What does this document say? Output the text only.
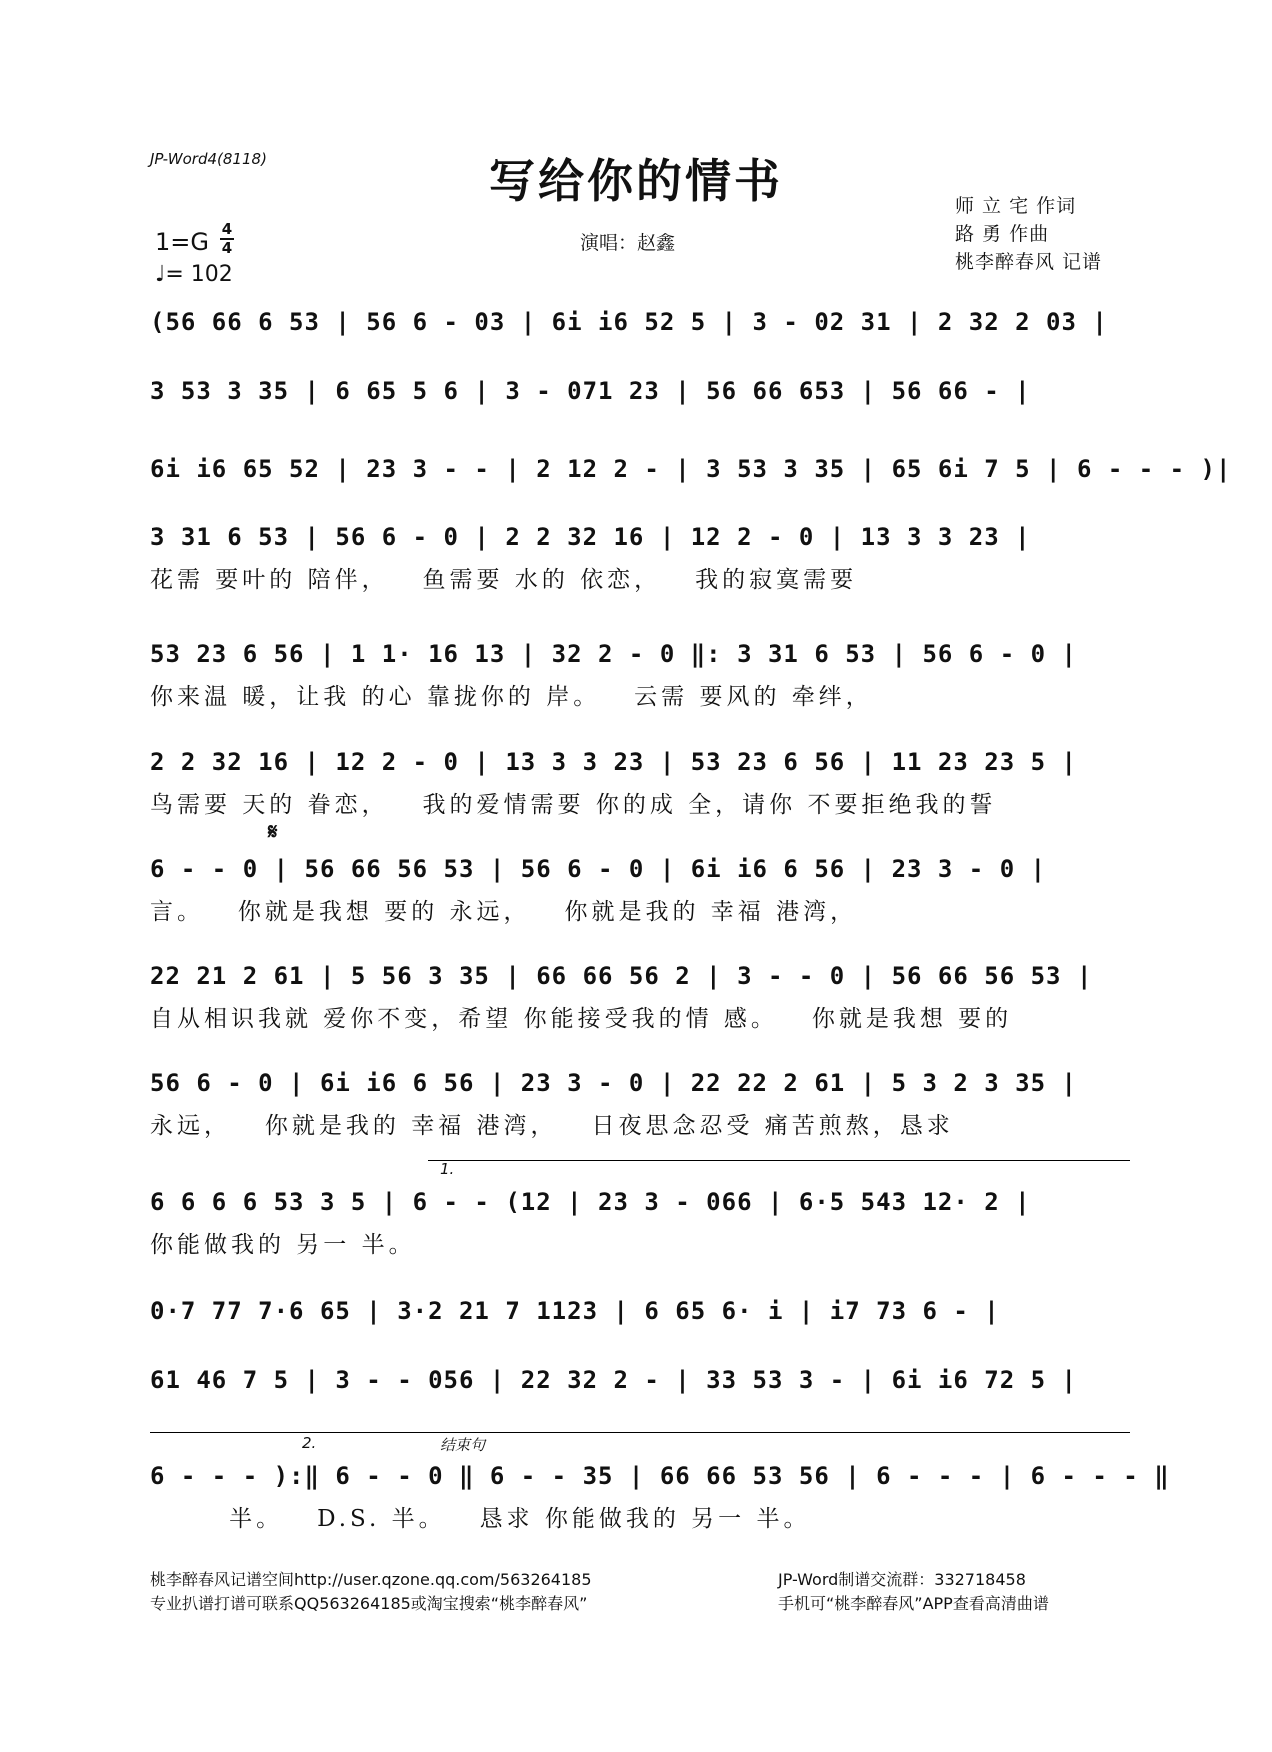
JP-Word4(8118)	写给你的情书
演唱：赵鑫
1=G 4
4
♩= 102
师 立 宅 作词
路 勇 作曲
桃李醉春风 记谱
(56 66 6 53 | 56 6 - 03 | 6i i6 52 5 | 3 - 02 31 | 2 32 2 03 |
3 53 3 35 | 6 65 5 6 | 3 - 071 23 | 56 66 653 | 56 66 - |
6i i6 65 52 | 23 3 - - | 2 12 2 - | 3 53 3 35 | 65 6i 7 5 | 6 - - - )|
3 31 6 53 | 56 6 - 0 | 2 2 32 16 | 12 2 - 0 | 13 3 3 23 |
花需 要叶的 陪伴，   鱼需要 水的 依恋，   我的寂寞需要
53 23 6 56 | 1 1· 16 13 | 32 2 - 0 ‖: 3 31 6 53 | 56 6 - 0 |
你来温 暖，让我 的心 靠拢你的 岸。   云需 要风的 牵绊，
2 2 32 16 | 12 2 - 0 | 13 3 3 23 | 53 23 6 56 | 11 23 23 5 |
鸟需要 天的 眷恋，   我的爱情需要 你的成 全，请你 不要拒绝我的誓
𝄋
6 - - 0 | 56 66 56 53 | 56 6 - 0 | 6i i6 6 56 | 23 3 - 0 |
言。   你就是我想 要的 永远，   你就是我的 幸福 港湾，
22 21 2 61 | 5 56 3 35 | 66 66 56 2 | 3 - - 0 | 56 66 56 53 |
自从相识我就 爱你不变，希望 你能接受我的情 感。   你就是我想 要的
56 6 - 0 | 6i i6 6 56 | 23 3 - 0 | 22 22 2 61 | 5 3 2 3 35 |
永远，   你就是我的 幸福 港湾，   日夜思念忍受 痛苦煎熬，恳求
1.
6 6 6 6 53 3 5 | 6 - - (12 | 23 3 - 066 | 6·5 543 12· 2 |
你能做我的 另一 半。
0·7 77 7·6 65 | 3·2 21 7 1123 | 6 65 6· i | i7 73 6 - |
61 46 7 5 | 3 - - 056 | 22 32 2 - | 33 53 3 - | 6i i6 72 5 |
2.	结束句
6 - - - ):‖ 6 - - 0 ‖ 6 - - 35 | 66 66 53 56 | 6 - - - | 6 - - - ‖
半。   D.S. 半。   恳求 你能做我的 另一 半。
桃李醉春风记谱空间http://user.qzone.qq.com/563264185
专业扒谱打谱可联系QQ563264185或淘宝搜索“桃李醉春风”
JP-Word制谱交流群：332718458
手机可“桃李醉春风”APP查看高清曲谱
